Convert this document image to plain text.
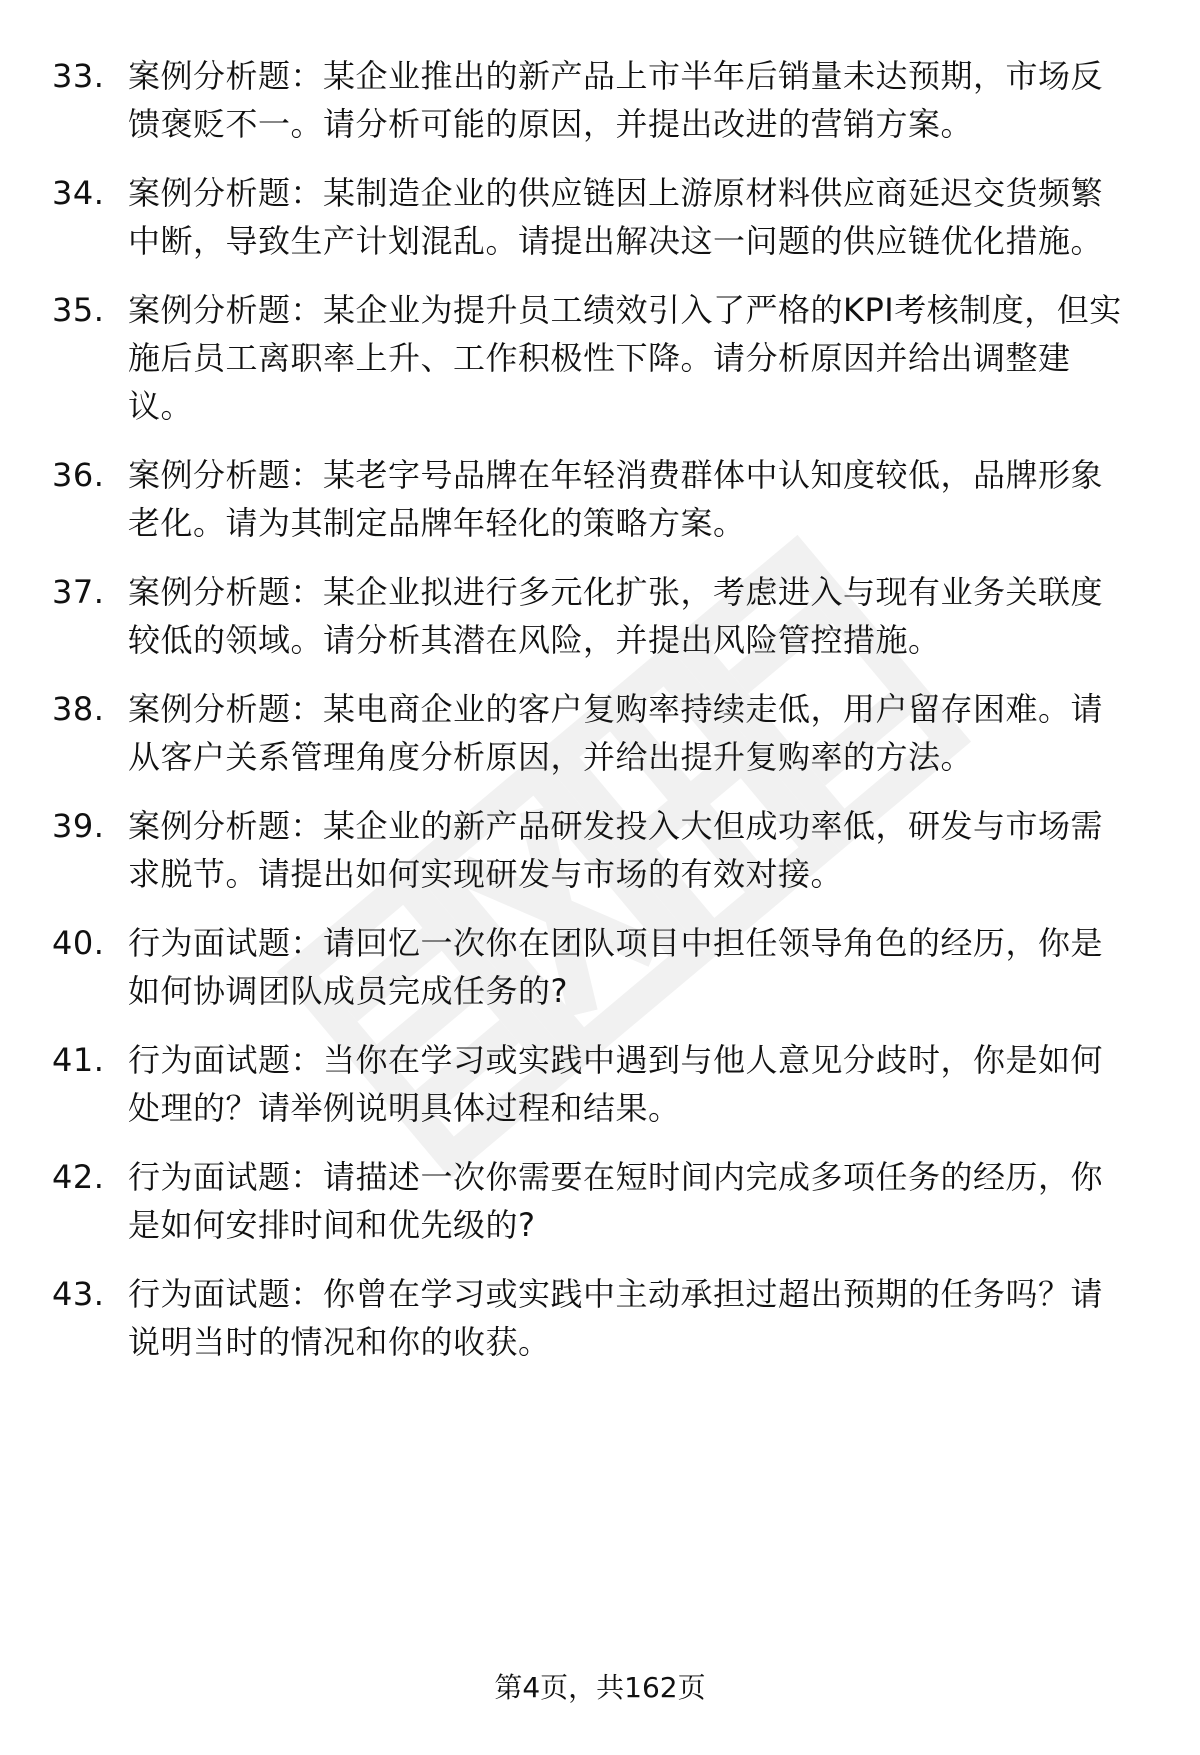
33. 案例分析题：某企业推出的新产品上市半年后销量未达预期，市场反馈褒贬不一。请分析可能的原因，并提出改进的营销方案。
34. 案例分析题：某制造企业的供应链因上游原材料供应商延迟交货频繁中断，导致生产计划混乱。请提出解决这一问题的供应链优化措施。
35. 案例分析题：某企业为提升员工绩效引入了严格的KPI考核制度，但实施后员工离职率上升、工作积极性下降。请分析原因并给出调整建议。
36. 案例分析题：某老字号品牌在年轻消费群体中认知度较低，品牌形象老化。请为其制定品牌年轻化的策略方案。
37. 案例分析题：某企业拟进行多元化扩张，考虑进入与现有业务关联度较低的领域。请分析其潜在风险，并提出风险管控措施。
38. 案例分析题：某电商企业的客户复购率持续走低，用户留存困难。请从客户关系管理角度分析原因，并给出提升复购率的方法。
39. 案例分析题：某企业的新产品研发投入大但成功率低，研发与市场需求脱节。请提出如何实现研发与市场的有效对接。
40. 行为面试题：请回忆一次你在团队项目中担任领导角色的经历，你是如何协调团队成员完成任务的?
41. 行为面试题：当你在学习或实践中遇到与他人意见分歧时，你是如何处理的？请举例说明具体过程和结果。
42. 行为面试题：请描述一次你需要在短时间内完成多项任务的经历，你是如何安排时间和优先级的?
43. 行为面试题：你曾在学习或实践中主动承担过超出预期的任务吗？请说明当时的情况和你的收获。
第4页，共162页
